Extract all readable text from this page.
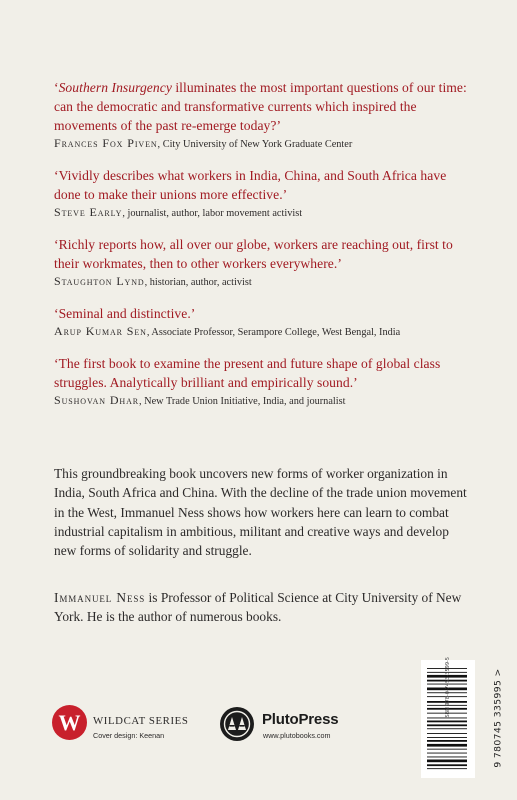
‘Southern Insurgency illuminates the most important questions of our time: can the democratic and transformative currents which inspired the movements of the past re-emerge today?’

Frances Fox Piven, City University of New York Graduate Center

‘Vividly describes what workers in India, China, and South Africa have done to make their unions more effective.’

Steve Early, journalist, author, labor movement activist

‘Richly reports how, all over our globe, workers are reaching out, first to their workmates, then to other workers everywhere.’

Staughton Lynd, historian, author, activist

‘Seminal and distinctive.’

Arup Kumar Sen, Associate Professor, Serampore College, West Bengal, India

‘The first book to examine the present and future shape of global class struggles. Analytically brilliant and empirically sound.’

Sushovan Dhar, New Trade Union Initiative, India, and journalist

This groundbreaking book uncovers new forms of worker organization in India, South Africa and China. With the decline of the trade union movement in the West, Immanuel Ness shows how workers here can learn to combat industrial capitalism in ambitious, militant and creative ways and develop new forms of solidarity and struggle.

Immanuel Ness is Professor of Political Science at City University of New York. He is the author of numerous books.

W WILDCAT SERIES

Cover design: Keenan

PlutoPress

www.plutobooks.com

ISBN 978-0-7453-3599-5	9 780745 335995 >
